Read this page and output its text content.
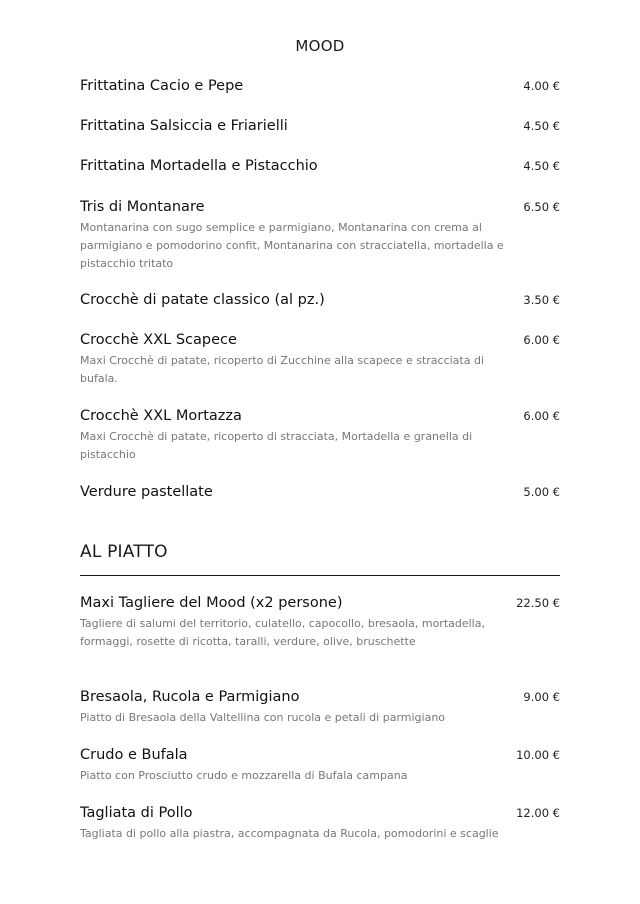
MOOD
Frittatina Cacio e Pepe	4.00 €
Frittatina Salsiccia e Friarielli	4.50 €
Frittatina Mortadella e Pistacchio	4.50 €
Tris di Montanare	6.50 €
Montanarina con sugo semplice e parmigiano, Montanarina con crema al parmigiano e pomodorino confit, Montanarina con stracciatella, mortadella e pistacchio tritato
Crocchè di patate classico (al pz.)	3.50 €
Crocchè XXL Scapece	6.00 €
Maxi Crocchè di patate, ricoperto di Zucchine alla scapece e stracciata di bufala.
Crocchè XXL Mortazza	6.00 €
Maxi Crocchè di patate, ricoperto di stracciata, Mortadella e granella di pistacchio
Verdure pastellate	5.00 €
AL PIATTO
Maxi Tagliere del Mood (x2 persone)	22.50 €
Tagliere di salumi del territorio, culatello, capocollo, bresaola, mortadella, formaggi, rosette di ricotta, taralli, verdure, olive, bruschette
Bresaola, Rucola e Parmigiano	9.00 €
Piatto di Bresaola della Valtellina con rucola e petali di parmigiano
Crudo e Bufala	10.00 €
Piatto con Prosciutto crudo e mozzarella di Bufala campana
Tagliata di Pollo	12.00 €
Tagliata di pollo alla piastra, accompagnata da Rucola, pomodorini e scaglie
